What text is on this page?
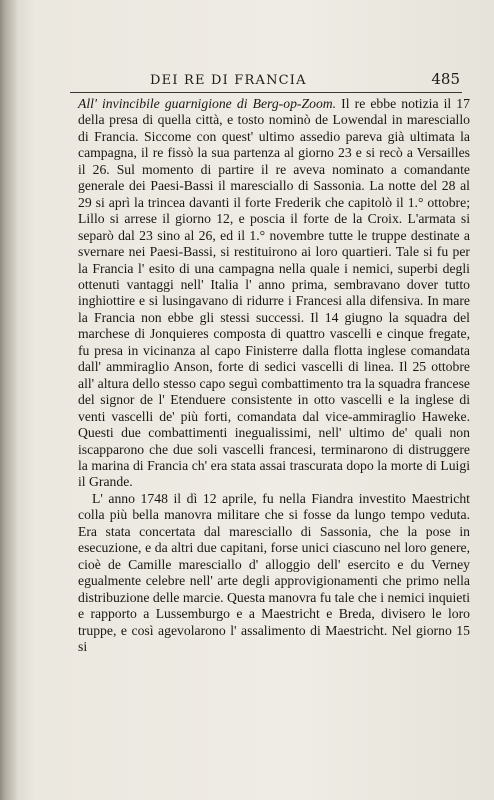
DEI RE DI FRANCIA	485

All' invincibile guarnigione di Berg-op-Zoom. Il re ebbe notizia il 17 della presa di quella città, e tosto nominò de Lowendal in maresciallo di Francia. Siccome con quest' ultimo assedio pareva già ultimata la campagna, il re fissò la sua partenza al giorno 23 e si recò a Versailles il 26. Sul momento di partire il re aveva nominato a comandante generale dei Paesi-Bassi il maresciallo di Sassonia. La notte del 28 al 29 si aprì la trincea davanti il forte Frederik che capitolò il 1.° ottobre; Lillo si arrese il giorno 12, e poscia il forte de la Croix. L'armata si separò dal 23 sino al 26, ed il 1.° novembre tutte le truppe destinate a svernare nei Paesi-Bassi, si restituirono ai loro quartieri. Tale si fu per la Francia l' esito di una campagna nella quale i nemici, superbi degli ottenuti vantaggi nell' Italia l' anno prima, sembravano dover tutto inghiottire e si lusingavano di ridurre i Francesi alla difensiva. In mare la Francia non ebbe gli stessi successi. Il 14 giugno la squadra del marchese di Jonquieres composta di quattro vascelli e cinque fregate, fu presa in vicinanza al capo Finisterre dalla flotta inglese comandata dall' ammiraglio Anson, forte di sedici vascelli di linea. Il 25 ottobre all' altura dello stesso capo seguì combattimento tra la squadra francese del signor de l' Etenduere consistente in otto vascelli e la inglese di venti vascelli de' più forti, comandata dal vice-ammiraglio Haweke. Questi due combattimenti inegualissimi, nell' ultimo de' quali non iscapparono che due soli vascelli francesi, terminarono di distruggere la marina di Francia ch' era stata assai trascurata dopo la morte di Luigi il Grande.

L' anno 1748 il dì 12 aprile, fu nella Fiandra investito Maestricht colla più bella manovra militare che si fosse da lungo tempo veduta. Era stata concertata dal maresciallo di Sassonia, che la pose in esecuzione, e da altri due capitani, forse unici ciascuno nel loro genere, cioè de Camille maresciallo d' alloggio dell' esercito e du Verney egualmente celebre nell' arte degli approvigionamenti che primo nella distribuzione delle marcie. Questa manovra fu tale che i nemici inquieti e rapporto a Lussemburgo e a Maestricht e Breda, divisero le loro truppe, e così agevolarono l' assalimento di Maestricht. Nel giorno 15 si
